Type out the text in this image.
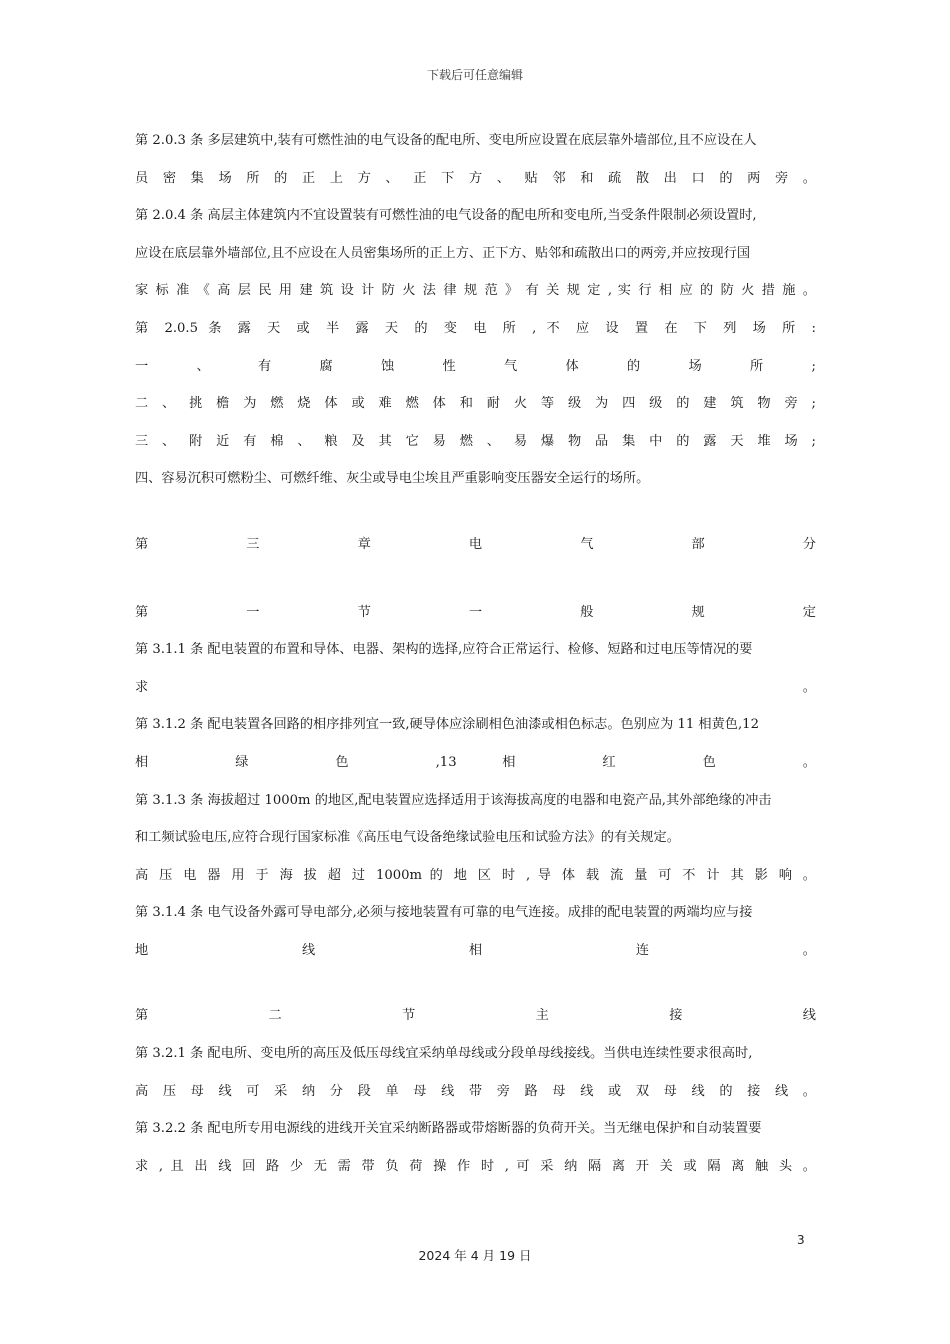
下载后可任意编辑
第 2.0.3 条 多层建筑中,装有可燃性油的电气设备的配电所、变电所应设置在底层靠外墙部位,且不应设在人
员 密 集 场 所 的 正 上 方 、 正 下 方 、 贴 邻 和 疏 散 出 口 的 两 旁 。
第 2.0.4 条 高层主体建筑内不宜设置装有可燃性油的电气设备的配电所和变电所,当受条件限制必须设置时,
应设在底层靠外墙部位,且不应设在人员密集场所的正上方、正下方、贴邻和疏散出口的两旁,并应按现行国
家 标 准 《 高 层 民 用 建 筑 设 计 防 火 法 律 规 范 》 有 关 规 定 , 实 行 相 应 的 防 火 措 施 。
第 2.0.5 条 露 天 或 半 露 天 的 变 电 所 , 不 应 设 置 在 下 列 场 所 :
一 、 有 腐 蚀 性 气 体 的 场 所 ;
二 、 挑 檐 为 燃 烧 体 或 难 燃 体 和 耐 火 等 级 为 四 级 的 建 筑 物 旁 ;
三 、 附 近 有 棉 、 粮 及 其 它 易 燃 、 易 爆 物 品 集 中 的 露 天 堆 场 ;
四、容易沉积可燃粉尘、可燃纤维、灰尘或导电尘埃且严重影响变压器安全运行的场所。
第 三 章 电 气 部 分
第 一 节 一 般 规 定
第 3.1.1 条 配电装置的布置和导体、电器、架构的选择,应符合正常运行、检修、短路和过电压等情况的要
求 。
第 3.1.2 条 配电装置各回路的相序排列宜一致,硬导体应涂刷相色油漆或相色标志。色别应为 11 相黄色,12
相 绿 色 ,13 相 红 色 。
第 3.1.3 条 海拔超过 1000m 的地区,配电装置应选择适用于该海拔高度的电器和电瓷产品,其外部绝缘的冲击
和工频试验电压,应符合现行国家标准《高压电气设备绝缘试验电压和试验方法》的有关规定。
高 压 电 器 用 于 海 拔 超 过 1000m 的 地 区 时 , 导 体 载 流 量 可 不 计 其 影 响 。
第 3.1.4 条 电气设备外露可导电部分,必须与接地装置有可靠的电气连接。成排的配电装置的两端均应与接
地 线 相 连 。
第 二 节 主 接 线
第 3.2.1 条 配电所、变电所的高压及低压母线宜采纳单母线或分段单母线接线。当供电连续性要求很高时,
高 压 母 线 可 采 纳 分 段 单 母 线 带 旁 路 母 线 或 双 母 线 的 接 线 。
第 3.2.2 条 配电所专用电源线的进线开关宜采纳断路器或带熔断器的负荷开关。当无继电保护和自动装置要
求 , 且 出 线 回 路 少 无 需 带 负 荷 操 作 时 , 可 采 纳 隔 离 开 关 或 隔 离 触 头 。
3
2024 年 4 月 19 日
